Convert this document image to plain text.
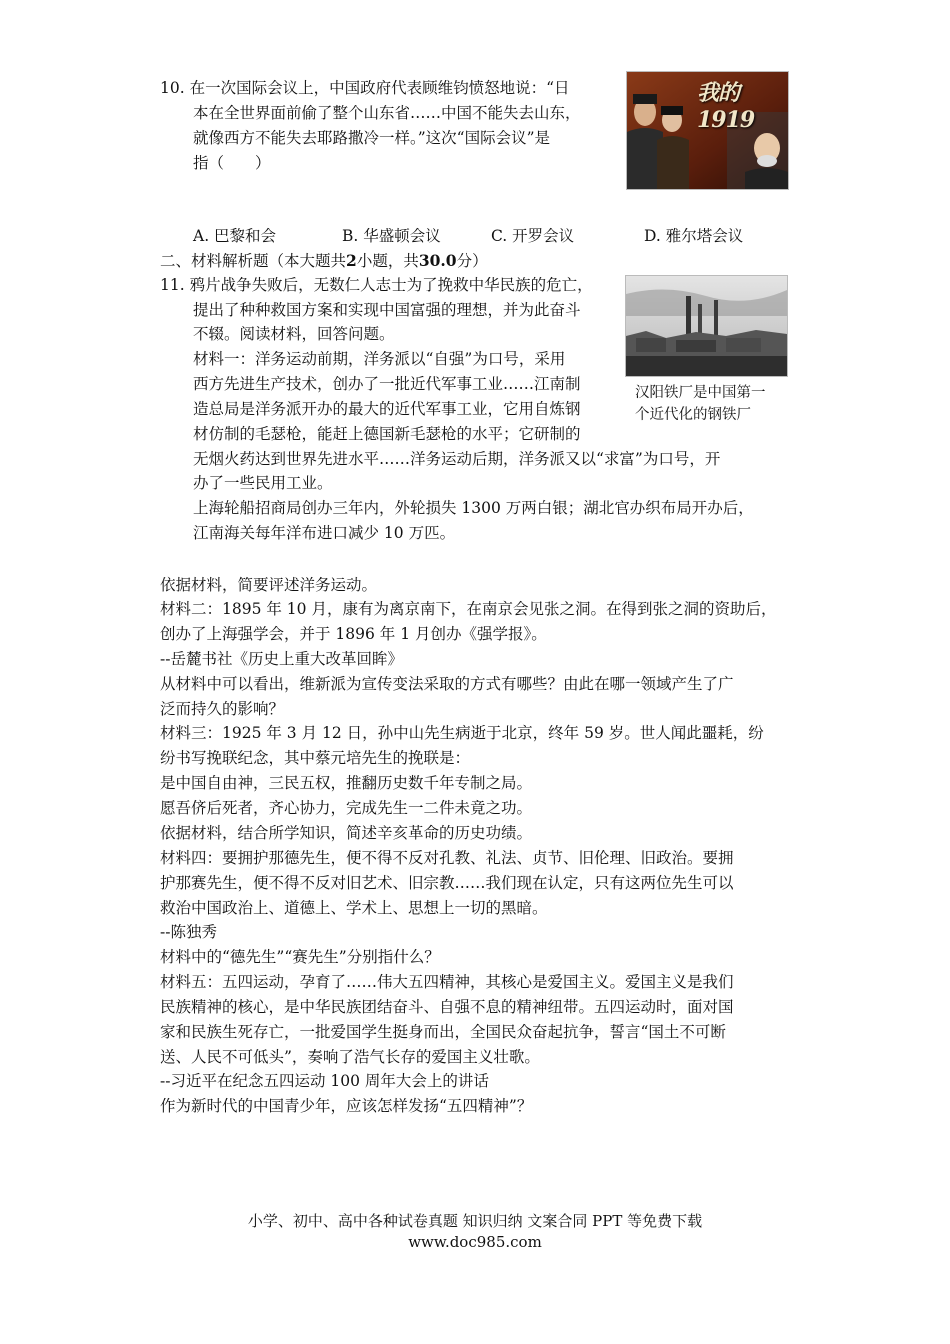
10. 在一次国际会议上，中国政府代表顾维钧愤怒地说：“日
本在全世界面前偷了整个山东省……中国不能失去山东，
就像西方不能失去耶路撒冷一样。”这次“国际会议”是
指（　　）
我的1919
A. 巴黎和会	B. 华盛顿会议	C. 开罗会议	D. 雅尔塔会议
二、材料解析题（本大题共2小题，共30.0分）
11. 鸦片战争失败后，无数仁人志士为了挽救中华民族的危亡，
提出了种种救国方案和实现中国富强的理想，并为此奋斗
不辍。阅读材料，回答问题。
材料一：洋务运动前期，洋务派以“自强”为口号，采用
西方先进生产技术，创办了一批近代军事工业……江南制
造总局是洋务派开办的最大的近代军事工业，它用自炼钢
材仿制的毛瑟枪，能赶上德国新毛瑟枪的水平；它研制的
无烟火药达到世界先进水平……洋务运动后期，洋务派又以“求富”为口号，开
办了一些民用工业。
上海轮船招商局创办三年内，外轮损失 1300 万两白银；湖北官办织布局开办后，
江南海关每年洋布进口减少 10 万匹。
汉阳铁厂是中国第一
个近代化的钢铁厂
依据材料，简要评述洋务运动。
材料二：1895 年 10 月，康有为离京南下，在南京会见张之洞。在得到张之洞的资助后，
创办了上海强学会，并于 1896 年 1 月创办《强学报》。
--岳麓书社《历史上重大改革回眸》
从材料中可以看出，维新派为宣传变法采取的方式有哪些？由此在哪一领域产生了广
泛而持久的影响？
材料三：1925 年 3 月 12 日，孙中山先生病逝于北京，终年 59 岁。世人闻此噩耗，纷
纷书写挽联纪念，其中蔡元培先生的挽联是：
是中国自由神，三民五权，推翻历史数千年专制之局。
愿吾侪后死者，齐心协力，完成先生一二件未竟之功。
依据材料，结合所学知识，简述辛亥革命的历史功绩。
材料四：要拥护那德先生，便不得不反对孔教、礼法、贞节、旧伦理、旧政治。要拥
护那赛先生，便不得不反对旧艺术、旧宗教……我们现在认定，只有这两位先生可以
救治中国政治上、道德上、学术上、思想上一切的黑暗。
--陈独秀
材料中的“德先生”“赛先生”分别指什么？
材料五：五四运动，孕育了……伟大五四精神，其核心是爱国主义。爱国主义是我们
民族精神的核心，是中华民族团结奋斗、自强不息的精神纽带。五四运动时，面对国
家和民族生死存亡，一批爱国学生挺身而出，全国民众奋起抗争，誓言“国土不可断
送、人民不可低头”，奏响了浩气长存的爱国主义壮歌。
--习近平在纪念五四运动 100 周年大会上的讲话
作为新时代的中国青少年，应该怎样发扬“五四精神”？
小学、初中、高中各种试卷真题 知识归纳 文案合同 PPT 等免费下载
www.doc985.com
